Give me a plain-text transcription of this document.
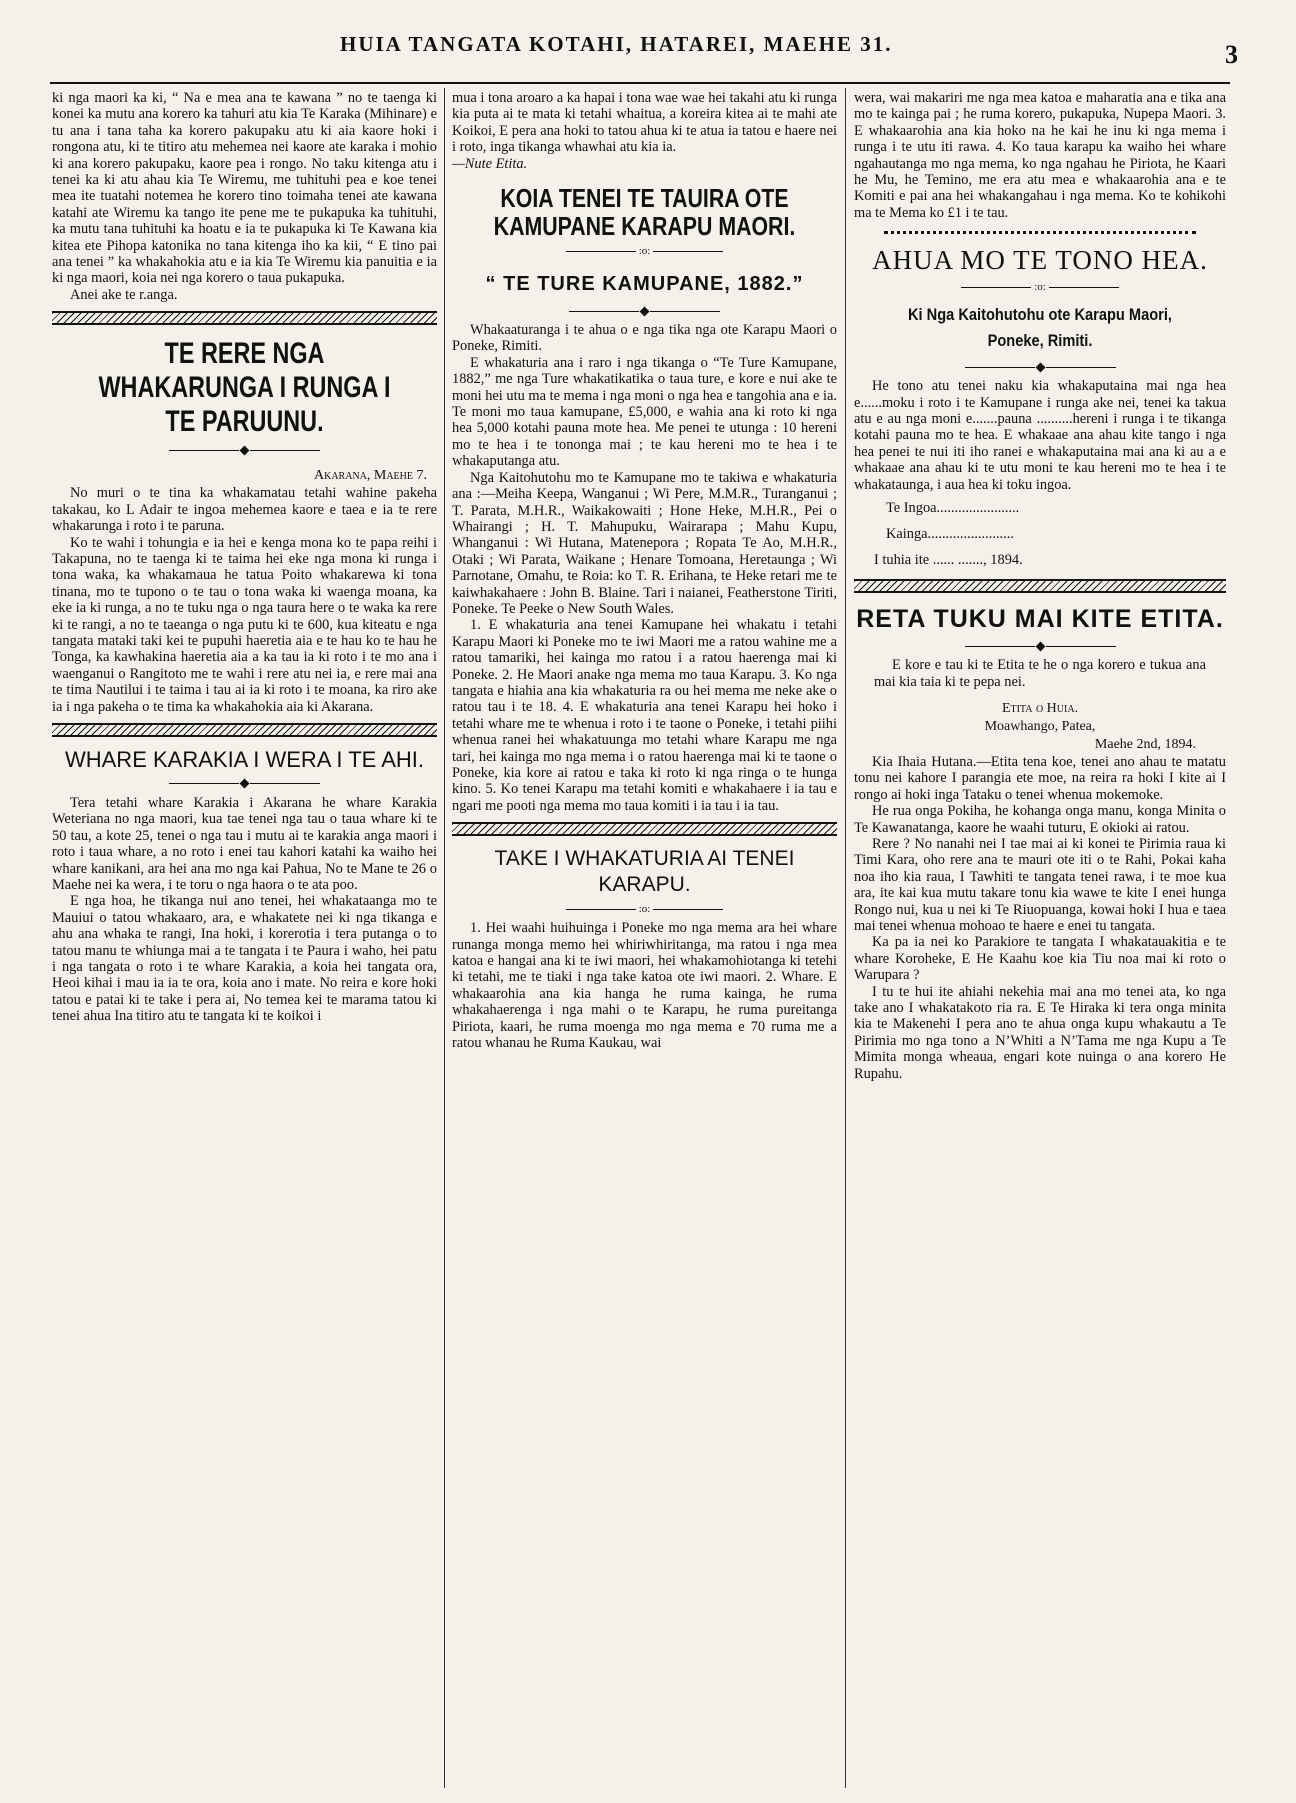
HUIA TANGATA KOTAHI, HATAREI, MAEHE 31.	3

ki nga maori ka ki, “ Na e mea ana te kawana ” no te taenga ki konei ka mutu ana korero ka tahuri atu kia Te Karaka (Mihinare) e tu ana i tana taha ka korero pakupaku atu ki aia kaore hoki i rongona atu, ki te titiro atu mehemea nei kaore ate karaka i mohio ki ana korero pakupaku, kaore pea i rongo. No taku kitenga atu i tenei ka ki atu ahau kia Te Wiremu, me tuhituhi pea e koe tenei mea ite tuatahi notemea he korero tino toimaha tenei ate kawana katahi ate Wiremu ka tango ite pene me te pukapuka ka tuhituhi, ka mutu tana tuhituhi ka hoatu e ia te pukapuka ki Te Kawana kia kitea ete Pihopa katonika no tana kitenga iho ka kii, “ E tino pai ana tenei ” ka whakahokia atu e ia kia Te Wiremu kia panuitia e ia ki nga maori, koia nei nga korero o taua pukapuka.

Anei ake te r.anga.

TE RERE NGA WHAKARUNGA I RUNGA I TE PARUUNU.
Akarana, Maehe 7.

No muri o te tina ka whakamatau tetahi wahine pakeha takakau, ko L Adair te ingoa mehemea kaore e taea e ia te rere whakarunga i roto i te paruna.

Ko te wahi i tohungia e ia hei e kenga mona ko te papa reihi i Takapuna, no te taenga ki te taima hei eke nga mona ki runga i tona waka, ka whakamaua he tatua Poito whakarewa ki tona tinana, mo te tupono o te tau o tona waka ki waenga moana, ka eke ia ki runga, a no te tuku nga o nga taura here o te waka ka rere ki te rangi, a no te taeanga o nga putu ki te 600, kua kiteatu e nga tangata mataki taki kei te pupuhi haeretia aia e te hau ko te hau he Tonga, ka kawhakina haeretia aia a ka tau ia ki roto i te mo ana i waenganui o Rangitoto me te wahi i rere atu nei ia, e rere mai ana te tima Nautilui i te taima i tau ai ia ki roto i te moana, ka riro ake ia i nga pakeha o te tima ka whakahokia aia ki Akarana.

WHARE KARAKIA I WERA I TE AHI.

Tera tetahi whare Karakia i Akarana he whare Karakia Weteriana no nga maori, kua tae tenei nga tau o taua whare ki te 50 tau, a kote 25, tenei o nga tau i mutu ai te karakia anga maori i roto i taua whare, a no roto i enei tau kahori katahi ka waiho hei whare kanikani, ara hei ana mo nga kai Pahua, No te Mane te 26 o Maehe nei ka wera, i te toru o nga haora o te ata poo.

E nga hoa, he tikanga nui ano tenei, hei whakataanga mo te Mauiui o tatou whakaaro, ara, e whakatete nei ki nga tikanga e ahu ana whaka te rangi, Ina hoki, i korerotia i tera putanga o to tatou manu te whiunga mai a te tangata i te Paura i waho, hei patu i nga tangata o roto i te whare Karakia, a koia hei tangata ora, Heoi kihai i mau ia ia te ora, koia ano i mate. No reira e kore hoki tatou e patai ki te take i pera ai, No temea kei te marama tatou ki tenei ahua Ina titiro atu te tangata ki te koikoi i

mua i tona aroaro a ka hapai i tona wae wae hei takahi atu ki runga kia puta ai te mata ki tetahi whaitua, a koreira kitea ai te mahi ate Koikoi, E pera ana hoki to tatou ahua ki te atua ia tatou e haere nei i roto, inga tikanga whawhai atu kia ia.

—Nute Etita.

KOIA TENEI TE TAUIRA OTE KAMUPANE KARAPU MAORI.
:o:
“ TE TURE KAMUPANE, 1882.”

Whakaaturanga i te ahua o e nga tika nga ote Karapu Maori o Poneke, Rimiti.

E whakaturia ana i raro i nga tikanga o “Te Ture Kamupane, 1882,” me nga Ture whakatikatika o taua ture, e kore e nui ake te moni hei utu ma te mema i nga moni o nga hea e tangohia ana e ia. Te moni mo taua kamupane, £5,000, e wahia ana ki roto ki nga hea 5,000 kotahi pauna mote hea. Me penei te utunga : 10 hereni mo te hea i te tononga mai ; te kau hereni mo te hea i te whakaputanga atu.

Nga Kaitohutohu mo te Kamupane mo te takiwa e whakaturia ana :—Meiha Keepa, Wanganui ; Wi Pere, M.M.R., Turanganui ; T. Parata, M.H.R., Waikakowaiti ; Hone Heke, M.H.R., Pei o Whairangi ; H. T. Mahupuku, Wairarapa ; Mahu Kupu, Whanganui : Wi Hutana, Matenepora ; Ropata Te Ao, M.H.R., Otaki ; Wi Parata, Waikane ; Henare Tomoana, Heretaunga ; Wi Parnotane, Omahu, te Roia: ko T. R. Erihana, te Heke retari me te kaiwhakahaere : John B. Blaine. Tari i naianei, Featherstone Tiriti, Poneke. Te Peeke o New South Wales.

1. E whakaturia ana tenei Kamupane hei whakatu i tetahi Karapu Maori ki Poneke mo te iwi Maori me a ratou wahine me a ratou tamariki, hei kainga mo ratou i a ratou haerenga mai ki Poneke. 2. He Maori anake nga mema mo taua Karapu. 3. Ko nga tangata e hiahia ana kia whakaturia ra ou hei mema me neke ake o ratou tau i te 18. 4. E whakaturia ana tenei Karapu hei hoko i tetahi whare me te whenua i roto i te taone o Poneke, i tetahi piihi whenua ranei hei whakatuunga mo tetahi whare Karapu me nga tari, hei kainga mo nga mema i o ratou haerenga mai ki te taone o Poneke, kia kore ai ratou e taka ki roto ki nga ringa o te hunga kino. 5. Ko tenei Karapu ma tetahi komiti e whakahaere i ia tau e ngari me pooti nga mema mo taua komiti i ia tau i ia tau.

TAKE I WHAKATURIA AI TENEI KARAPU.
:o:

1. Hei waahi huihuinga i Poneke mo nga mema ara hei whare runanga monga memo hei whiriwhiritanga, ma ratou i nga mea katoa e hangai ana ki te iwi maori, hei whakamohiotanga ki tetehi ki tetahi, me te tiaki i nga take katoa ote iwi maori. 2. Whare. E whakaarohia ana kia hanga he ruma kainga, he ruma whakahaerenga i nga mahi o te Karapu, he ruma pureitanga Piriota, kaari, he ruma moenga mo nga mema e 70 ruma me a ratou whanau he Ruma Kaukau, wai

wera, wai makariri me nga mea katoa e maharatia ana e tika ana mo te kainga pai ; he ruma korero, pukapuka, Nupepa Maori. 3. E whakaarohia ana kia hoko na he kai he inu ki nga mema i runga i te utu iti rawa. 4. Ko taua karapu ka waiho hei whare ngahautanga mo nga mema, ko nga ngahau he Piriota, he Kaari he Mu, he Temino, me era atu mea e whakaarohia ana e te Komiti e pai ana hei whakangahau i nga mema. Ko te kohikohi ma te Mema ko £1 i te tau.

AHUA MO TE TONO HEA.
:o:
Ki Nga Kaitohutohu ote Karapu Maori, Poneke, Rimiti.

He tono atu tenei naku kia whakaputaina mai nga hea e......moku i roto i te Kamupane i runga ake nei, tenei ka takua atu e au nga moni e.......pauna ..........hereni i runga i te tikanga kotahi pauna mo te hea. E whakaae ana ahau kite tango i nga hea penei te nui iti iho ranei e whakaputaina mai ana ki au a e whakaae ana ahau ki te utu moni te kau hereni mo te hea i te whakataunga, i aua hea ki toku ingoa.

Te Ingoa.......................
Kainga........................
I tuhia ite ...... ......., 1894.
RETA TUKU MAI KITE ETITA.

E kore e tau ki te Etita te he o nga korero e tukua ana mai kia taia ki te pepa nei.

Etita o Huia.
Moawhango, Patea,
Maehe 2nd, 1894.

Kia Ihaia Hutana.—Etita tena koe, tenei ano ahau te matatu tonu nei kahore I parangia ete moe, na reira ra hoki I kite ai I rongo ai hoki inga Tataku o tenei whenua mokemoke.

He rua onga Pokiha, he kohanga onga manu, konga Minita o Te Kawanatanga, kaore he waahi tuturu, E okioki ai ratou.

Rere ? No nanahi nei I tae mai ai ki konei te Pirimia raua ki Timi Kara, oho rere ana te mauri ote iti o te Rahi, Pokai kaha noa iho kia raua, I Tawhiti te tangata tenei rawa, i te moe kua ara, ite kai kua mutu takare tonu kia wawe te kite I enei hunga Rongo nui, kua u nei ki Te Riuopuanga, kowai hoki I hua e taea mai tenei whenua mohoao te haere e enei tu tangata.

Ka pa ia nei ko Parakiore te tangata I whakatauakitia e te whare Koroheke, E He Kaahu koe kia Tiu noa mai ki roto o Warupara ?

I tu te hui ite ahiahi nekehia mai ana mo tenei ata, ko nga take ano I whakatakoto ria ra. E Te Hiraka ki tera onga minita kia te Makenehi I pera ano te ahua onga kupu whakautu a Te Pirimia mo nga tono a N’Whiti a N’Tama me nga Kupu a Te Mimita monga wheaua, engari kote nuinga o ana korero He Rupahu.
